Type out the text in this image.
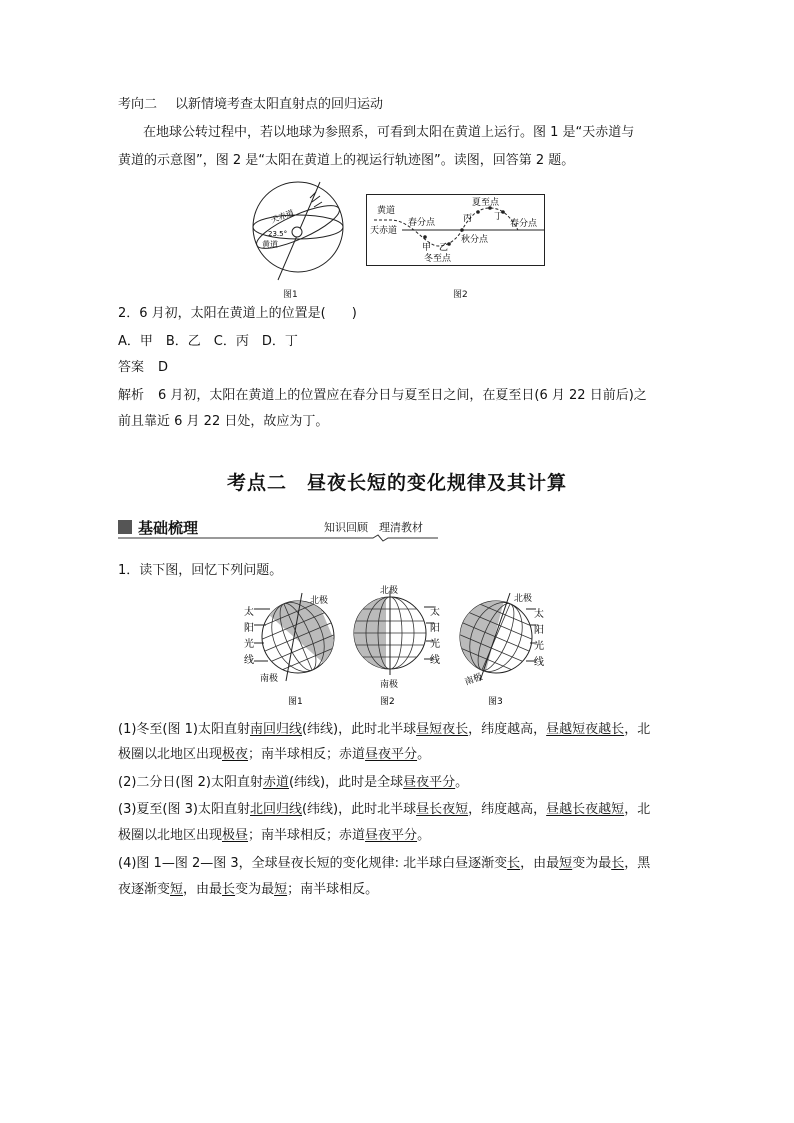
考向二 以新情境考查太阳直射点的回归运动
在地球公转过程中，若以地球为参照系，可看到太阳在黄道上运行。图 1 是“天赤道与
黄道的示意图”，图 2 是“太阳在黄道上的视运行轨迹图”。读图，回答第 2 题。
天赤道
23.5°
黄道
图1
黄道
天赤道
春分点
夏至点
丙 丁
秋分点
春分点
甲 乙
冬至点
图2
2．6 月初，太阳在黄道上的位置是(　　)
A．甲　B．乙　C．丙　D．丁
答案 D
解析 6 月初，太阳在黄道上的位置应在春分日与夏至日之间，在夏至日(6 月 22 日前后)之
前且靠近 6 月 22 日处，故应为丁。
考点二　昼夜长短的变化规律及其计算
基础梳理	知识回顾　理清教材
1．读下图，回忆下列问题。
北极
南极
太
阳
光
线
北极
南极
太
阳
光
线
北极
南极
太
阳
光
线
图1	图2	图3
(1)冬至(图 1)太阳直射南回归线(纬线)，此时北半球昼短夜长，纬度越高，昼越短夜越长，北
极圈以北地区出现极夜；南半球相反；赤道昼夜平分。
(2)二分日(图 2)太阳直射赤道(纬线)，此时是全球昼夜平分。
(3)夏至(图 3)太阳直射北回归线(纬线)，此时北半球昼长夜短，纬度越高，昼越长夜越短，北
极圈以北地区出现极昼；南半球相反；赤道昼夜平分。
(4)图 1—图 2—图 3，全球昼夜长短的变化规律: 北半球白昼逐渐变长，由最短变为最长，黑
夜逐渐变短，由最长变为最短；南半球相反。
